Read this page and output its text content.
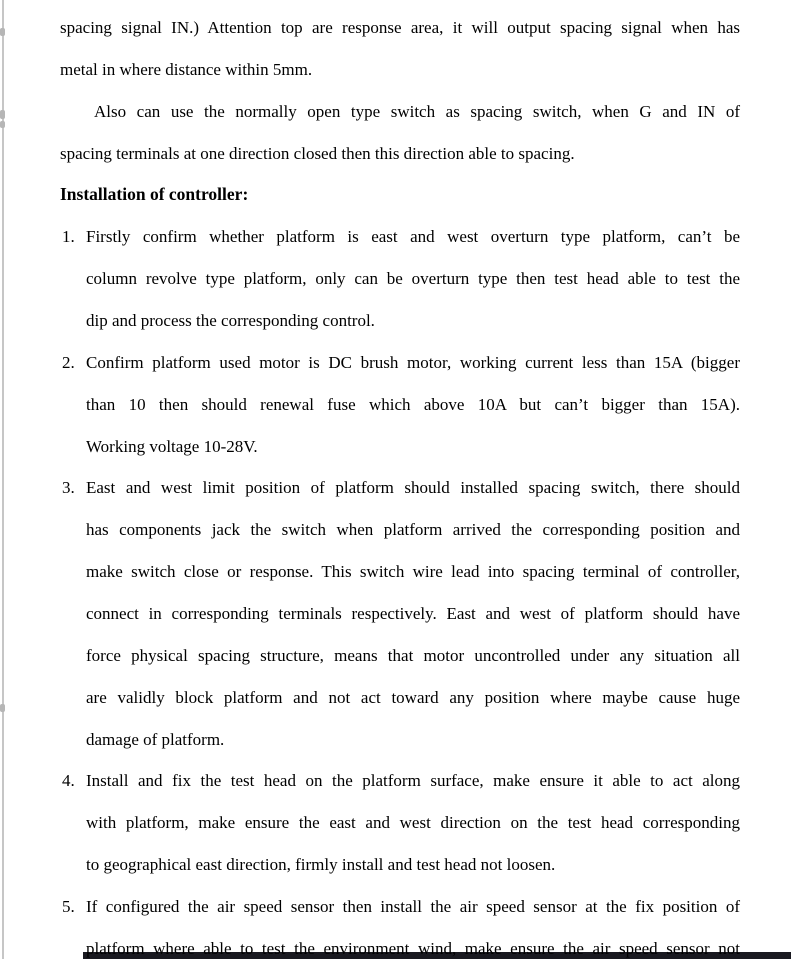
spacing signal IN.) Attention top are response area, it will output spacing signal when has
metal in where distance within 5mm.
Also can use the normally open type switch as spacing switch, when G and IN of
spacing terminals at one direction closed then this direction able to spacing.
Installation of controller:
1. Firstly confirm whether platform is east and west overturn type platform, can’t be
column revolve type platform, only can be overturn type then test head able to test the
dip and process the corresponding control.
2. Confirm platform used motor is DC brush motor, working current less than 15A (bigger
than 10 then should renewal fuse which above 10A but can’t bigger than 15A).
Working voltage 10-28V.
3. East and west limit position of platform should installed spacing switch, there should
has components jack the switch when platform arrived the corresponding position and
make switch close or response. This switch wire lead into spacing terminal of controller,
connect in corresponding terminals respectively. East and west of platform should have
force physical spacing structure, means that motor uncontrolled under any situation all
are validly block platform and not act toward any position where maybe cause huge
damage of platform.
4. Install and fix the test head on the platform surface, make ensure it able to act along
with platform, make ensure the east and west direction on the test head corresponding
to geographical east direction, firmly install and test head not loosen.
5. If configured the air speed sensor then install the air speed sensor at the fix position of
platform where able to test the environment wind, make ensure the air speed sensor not
